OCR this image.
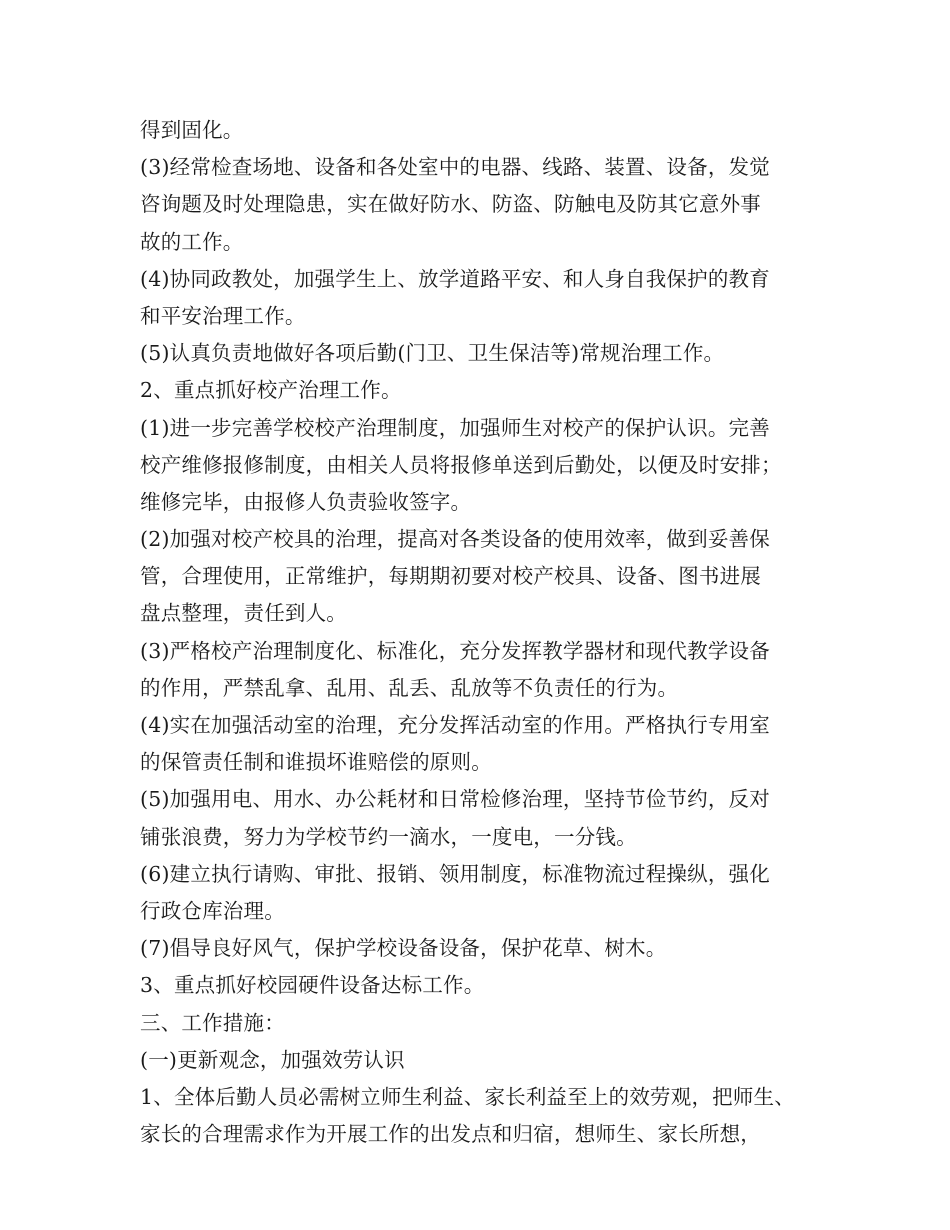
得到固化。
(3)经常检查场地、设备和各处室中的电器、线路、装置、设备，发觉
咨询题及时处理隐患，实在做好防水、防盗、防触电及防其它意外事
故的工作。
(4)协同政教处，加强学生上、放学道路平安、和人身自我保护的教育
和平安治理工作。
(5)认真负责地做好各项后勤(门卫、卫生保洁等)常规治理工作。
2、重点抓好校产治理工作。
(1)进一步完善学校校产治理制度，加强师生对校产的保护认识。完善
校产维修报修制度，由相关人员将报修单送到后勤处，以便及时安排；
维修完毕，由报修人负责验收签字。
(2)加强对校产校具的治理，提高对各类设备的使用效率，做到妥善保
管，合理使用，正常维护，每期期初要对校产校具、设备、图书进展
盘点整理，责任到人。
(3)严格校产治理制度化、标准化，充分发挥教学器材和现代教学设备
的作用，严禁乱拿、乱用、乱丢、乱放等不负责任的行为。
(4)实在加强活动室的治理，充分发挥活动室的作用。严格执行专用室
的保管责任制和谁损坏谁赔偿的原则。
(5)加强用电、用水、办公耗材和日常检修治理，坚持节俭节约，反对
铺张浪费，努力为学校节约一滴水，一度电，一分钱。
(6)建立执行请购、审批、报销、领用制度，标准物流过程操纵，强化
行政仓库治理。
(7)倡导良好风气，保护学校设备设备，保护花草、树木。
3、重点抓好校园硬件设备达标工作。
三、工作措施：
(一)更新观念，加强效劳认识
1、全体后勤人员必需树立师生利益、家长利益至上的效劳观，把师生、
家长的合理需求作为开展工作的出发点和归宿，想师生、家长所想，
